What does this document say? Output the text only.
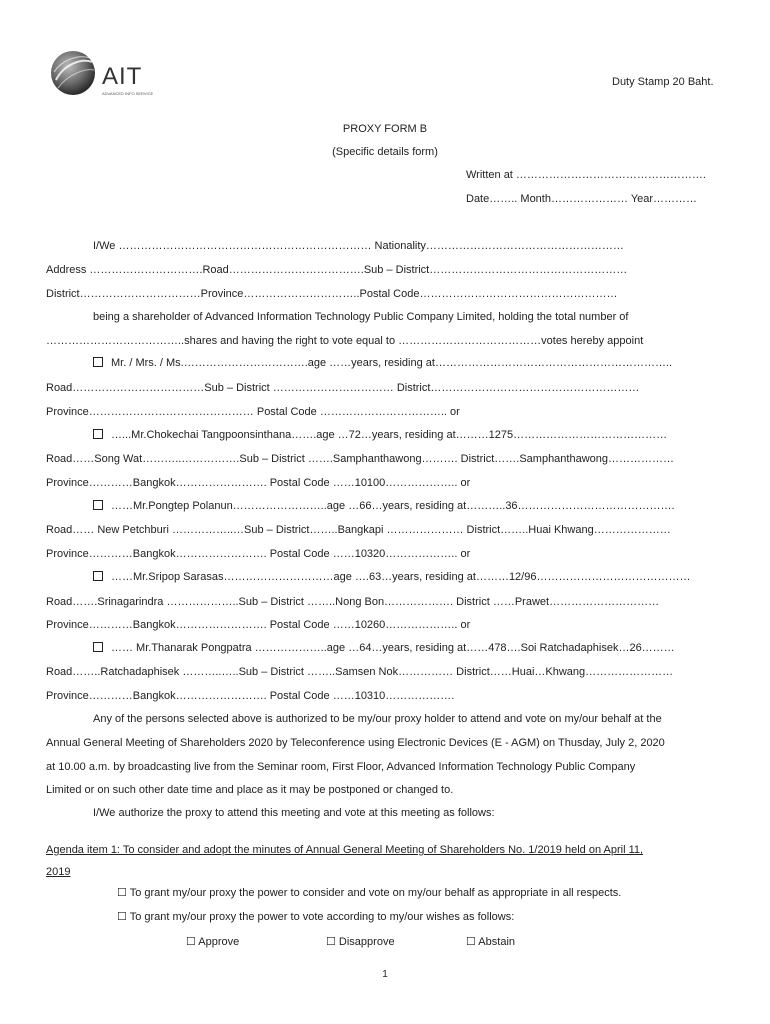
AIT
ADVANCED INFO SERVICE
Duty Stamp 20 Baht.
PROXY FORM B
(Specific details form)
Written at …………………………………………….
Date…….. Month………………… Year…………
I/We …………………………………………………………… Nationality………………………………………………
Address ………………………….Road……………………………….Sub – District………………………………………………
District……………………………Province…………………………..Postal Code………………………………………………
being a shareholder of Advanced Information Technology Public Company Limited, holding the total number of
………………………………..shares and having the right to vote equal to …………………………………votes hereby appoint
Mr. / Mrs. / Ms.…………………………….age ……years, residing at………………………………………………………..
Road………………………………Sub – District …………………………… District…………………………………………………
Province……………………………………… Postal Code …………………………….. or
…...Mr.Chokechai Tangpoonsinthana…….age …72…years, residing at………1275……………………………………
Road……Song Wat………..…………….Sub – District …….Samphanthawong………. District…….Samphanthawong………………
Province…………Bangkok……………………. Postal Code ……10100……………….. or
……Mr.Pongtep Polanun……………………..age …66…years, residing at………..36…………………………………….
Road…… New Petchburi ……………..…Sub – District……..Bangkapi ………………… District……..Huai Khwang…………………
Province…………Bangkok……………………. Postal Code ……10320……………….. or
……Mr.Sripop Sarasas…………………………age ….63…years, residing at………12/96……………………………………
Road…….Srinagarindra ………………..Sub – District ……..Nong Bon………………. District ……Prawet…………………………
Province…………Bangkok……………………. Postal Code ……10260……………….. or
…… Mr.Thanarak Pongpatra ………………..age …64…years, residing at……478….Soi Ratchadaphisek…26………
Road……..Ratchadaphisek ………..…..Sub – District ……..Samsen Nok…………… District……Huai…Khwang……………………
Province…………Bangkok……………………. Postal Code ……10310……………….
Any of the persons selected above is authorized to be my/our proxy holder to attend and vote on my/our behalf at the
Annual General Meeting of Shareholders 2020 by Teleconference using Electronic Devices (E - AGM) on Thusday, July 2, 2020
at 10.00 a.m. by broadcasting live from the Seminar room, First Floor, Advanced Information Technology Public Company
Limited or on such other date time and place as it may be postponed or changed to.
I/We authorize the proxy to attend this meeting and vote at this meeting as follows:
Agenda item 1: To consider and adopt the minutes of Annual General Meeting of Shareholders No. 1/2019 held on April 11,
2019
☐ To grant my/our proxy the power to consider and vote on my/our behalf as appropriate in all respects.
☐ To grant my/our proxy the power to vote according to my/our wishes as follows:
☐ Approve	☐ Disapprove	☐ Abstain
1
